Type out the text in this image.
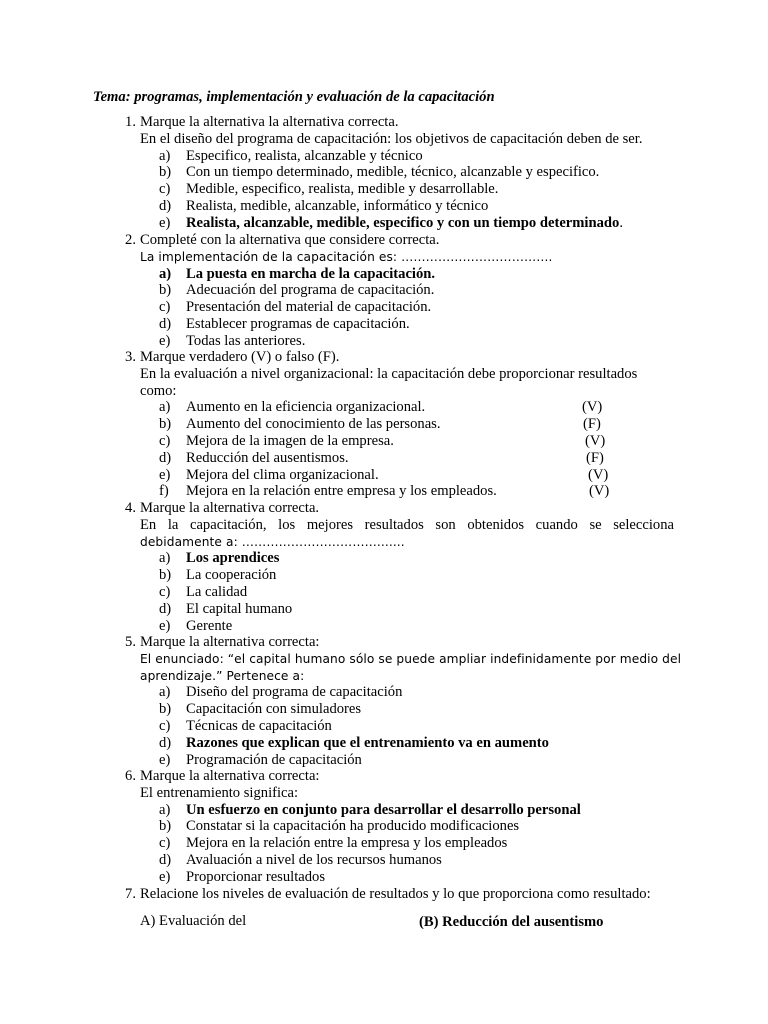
Tema: programas, implementación y evaluación de la capacitación
1. Marque la alternativa la alternativa correcta.
En el diseño del programa de capacitación: los objetivos de capacitación deben de ser.
a) Especifico, realista, alcanzable y técnico
b) Con un tiempo determinado, medible, técnico, alcanzable y especifico.
c) Medible, especifico, realista, medible y desarrollable.
d) Realista, medible, alcanzable, informático y técnico
e) Realista, alcanzable, medible, especifico y con un tiempo determinado.
2. Completé con la alternativa que considere correcta.
La implementación de la capacitación es: ……………………………….
a) La puesta en marcha de la capacitación.
b) Adecuación del programa de capacitación.
c) Presentación del material de capacitación.
d) Establecer programas de capacitación.
e) Todas las anteriores.
3. Marque verdadero (V) o falso (F).
En la evaluación a nivel organizacional: la capacitación debe proporcionar resultados
como:
a) Aumento en la eficiencia organizacional.	(V)
b) Aumento del conocimiento de las personas.	(F)
c) Mejora de la imagen de la empresa.	(V)
d) Reducción del ausentismos.	(F)
e) Mejora del clima organizacional.	(V)
f) Mejora en la relación entre empresa y los empleados.	(V)
4. Marque la alternativa correcta.
En la capacitación, los mejores resultados son obtenidos cuando se selecciona
debidamente a: …………………………….......
a) Los aprendices
b) La cooperación
c) La calidad
d) El capital humano
e) Gerente
5. Marque la alternativa correcta:
El enunciado: “el capital humano sólo se puede ampliar indefinidamente por medio del
aprendizaje.” Pertenece a:
a) Diseño del programa de capacitación
b) Capacitación con simuladores
c) Técnicas de capacitación
d) Razones que explican que el entrenamiento va en aumento
e) Programación de capacitación
6. Marque la alternativa correcta:
El entrenamiento significa:
a) Un esfuerzo en conjunto para desarrollar el desarrollo personal
b) Constatar si la capacitación ha producido modificaciones
c) Mejora en la relación entre la empresa y los empleados
d) Avaluación a nivel de los recursos humanos
e) Proporcionar resultados
7. Relacione los niveles de evaluación de resultados y lo que proporciona como resultado:
A) Evaluación del	(B) Reducción del ausentismo
